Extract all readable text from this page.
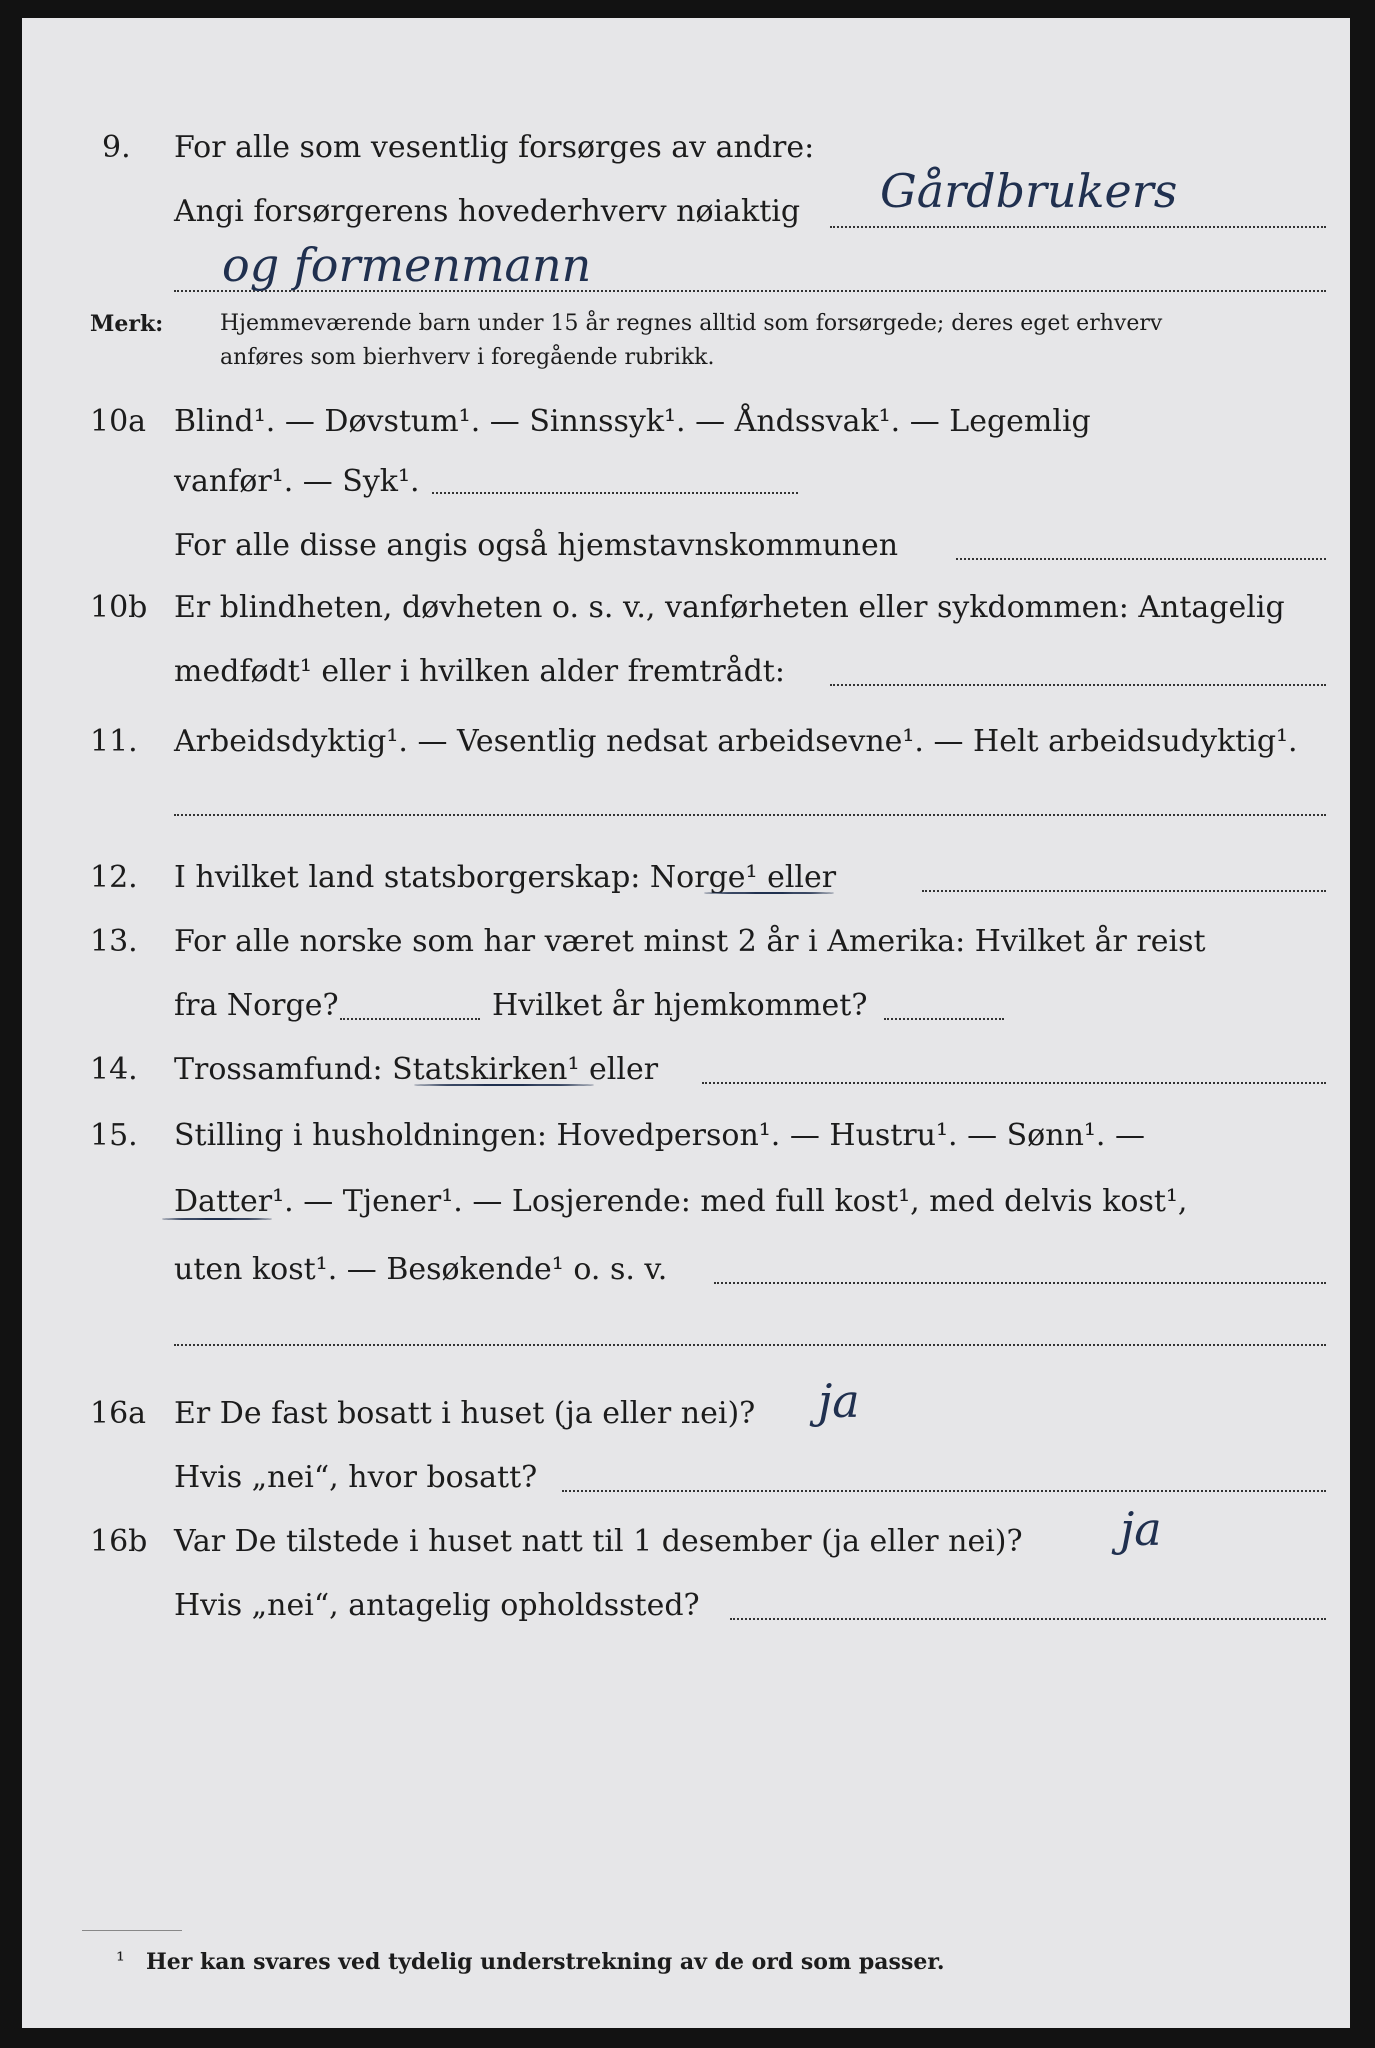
9. For alle som vesentlig forsørges av andre:
Angi forsørgerens hovederhverv nøiaktig Gårdbrukers
og formenmann
Merk:	Hjemmeværende barn under 15 år regnes alltid som forsørgede; deres eget erhverv
anføres som bierhverv i foregående rubrikk.
10a Blind¹. — Døvstum¹. — Sinnssyk¹. — Åndssvak¹. — Legemlig
vanfør¹. — Syk¹.
For alle disse angis også hjemstavnskommunen
10b Er blindheten, døvheten o. s. v., vanførheten eller sykdommen: Antagelig
medfødt¹ eller i hvilken alder fremtrådt:
11. Arbeidsdyktig¹. — Vesentlig nedsat arbeidsevne¹. — Helt arbeidsudyktig¹.
12. I hvilket land statsborgerskap: Norge¹ eller
13. For alle norske som har været minst 2 år i Amerika: Hvilket år reist
fra Norge?	Hvilket år hjemkommet?
14. Trossamfund: Statskirken¹ eller
15. Stilling i husholdningen: Hovedperson¹. — Hustru¹. — Sønn¹. —
Datter¹. — Tjener¹. — Losjerende: med full kost¹, med delvis kost¹,
uten kost¹. — Besøkende¹ o. s. v.
16a Er De fast bosatt i huset (ja eller nei)? ja
Hvis „nei“, hvor bosatt?
16b Var De tilstede i huset natt til 1 desember (ja eller nei)? ja
Hvis „nei“, antagelig opholdssted?
¹ Her kan svares ved tydelig understrekning av de ord som passer.
